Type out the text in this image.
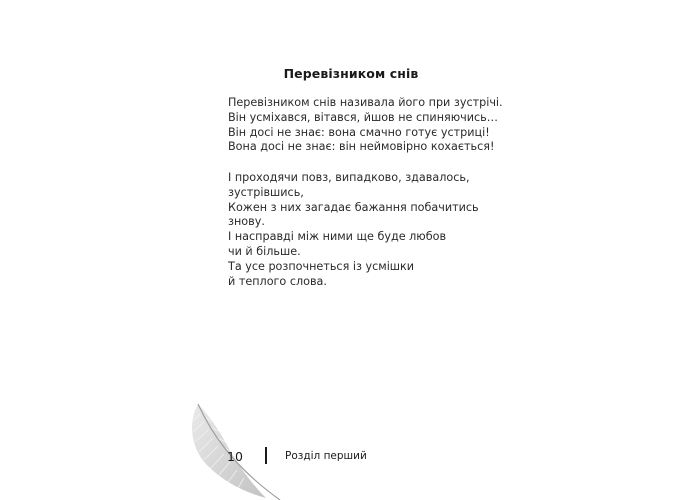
Перевізником снів
Перевізником снів називала його при зустрічі.
Він усміхався, вітався, йшов не спиняючись…
Він досі не знає: вона смачно готує устриці!
Вона досі не знає: він неймовірно кохається!
І проходячи повз, випадково, здавалось,
зустрівшись,
Кожен з них загадає бажання побачитись
знову.
І насправді між ними ще буде любов
чи й більше.
Та усе розпочнеться із усмішки
й теплого слова.
10	Розділ перший
